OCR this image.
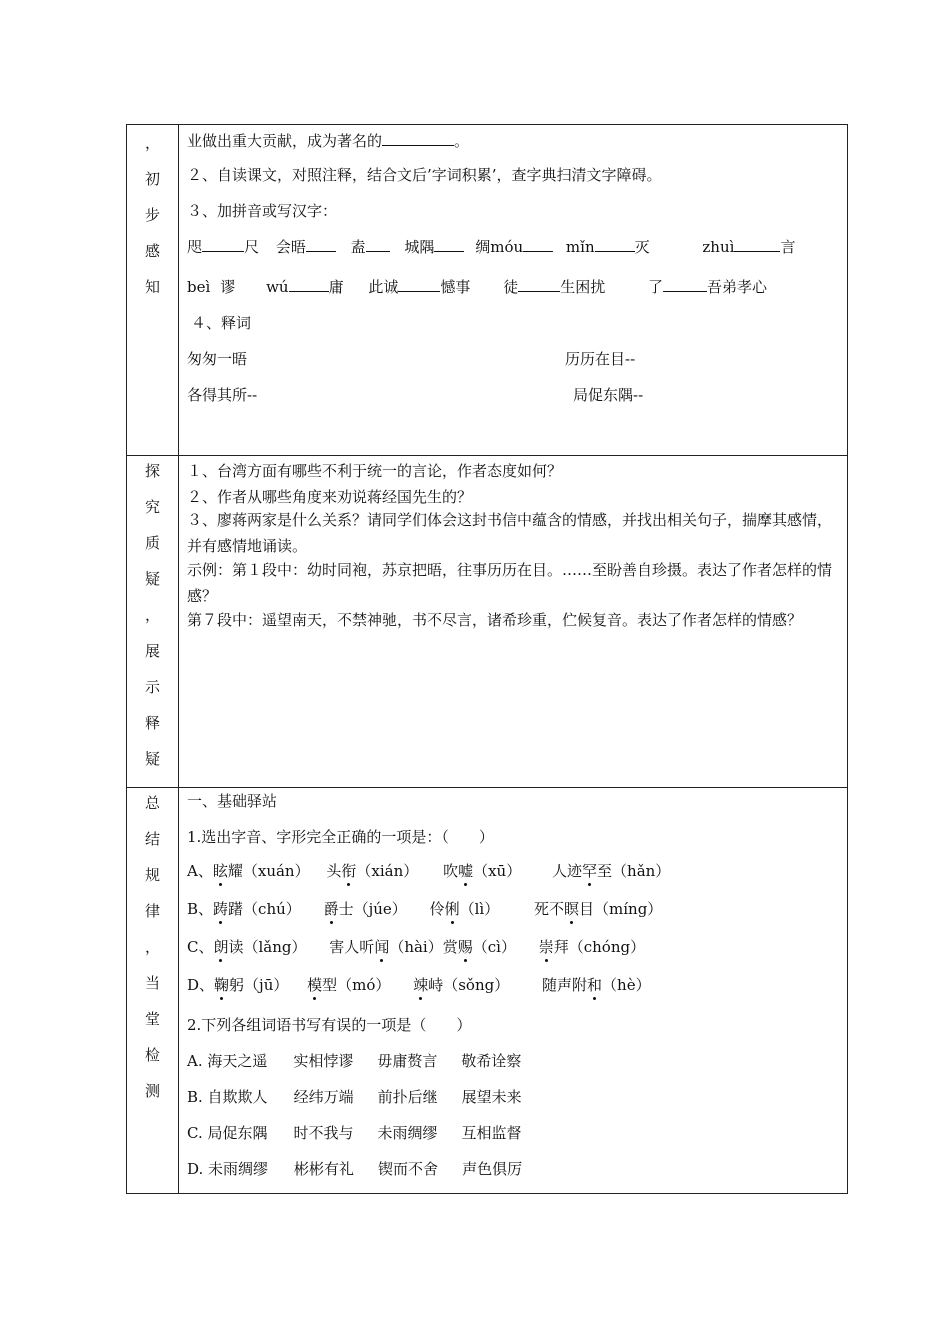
，
初
步
感
知
业做出重大贡献，成为著名的	。
２、自读课文，对照注释，结合文后’字词积累’，查字典扫清文字障碍。
３、加拼音或写汉字：
咫	尺 会晤	盍	城隅	绸móu	mǐn	灭	zhuì	言
beì 谬 wú	庸 此诚	憾事 徒	生困扰	了	吾弟孝心
４、释词
匆匆一晤	历历在目--
各得其所--	局促东隅--
探
究
质
疑
，
展
示
释
疑
１、台湾方面有哪些不利于统一的言论，作者态度如何？
２、作者从哪些角度来劝说蒋经国先生的？
３、廖蒋两家是什么关系？请同学们体会这封书信中蕴含的情感，并找出相关句子，揣摩其感情，并有感情地诵读。
示例：第１段中：幼时同袍，苏京把晤，往事历历在目。……至盼善自珍摄。表达了作者怎样的情感？
第７段中：遥望南天，不禁神驰，书不尽言，诸希珍重，伫候复音。表达了作者怎样的情感？
总
结
规
律
，
当
堂
检
测
一、基础驿站
1.选出字音、字形完全正确的一项是：（　　）
A、眩耀（xuán） 头衔（xián） 吹嘘（xū） 人迹罕至（hǎn）
B、踌躇（chú） 爵士（júe） 伶俐（lì） 死不瞑目（míng）
C、朗读（lǎng） 害人听闻（hài）赏赐（cì） 崇拜（chóng）
D、鞠躬（jū） 模型（mó） 竦峙（sǒng） 随声附和（hè）
2.下列各组词语书写有误的一项是（　　）
A. 海天之遥 实相悖谬 毋庸赘言 敬希诠察
B. 自欺欺人 经纬万端 前扑后继 展望未来
C. 局促东隅 时不我与 未雨绸缪 互相监督
D. 未雨绸缪 彬彬有礼 锲而不舍 声色俱厉
